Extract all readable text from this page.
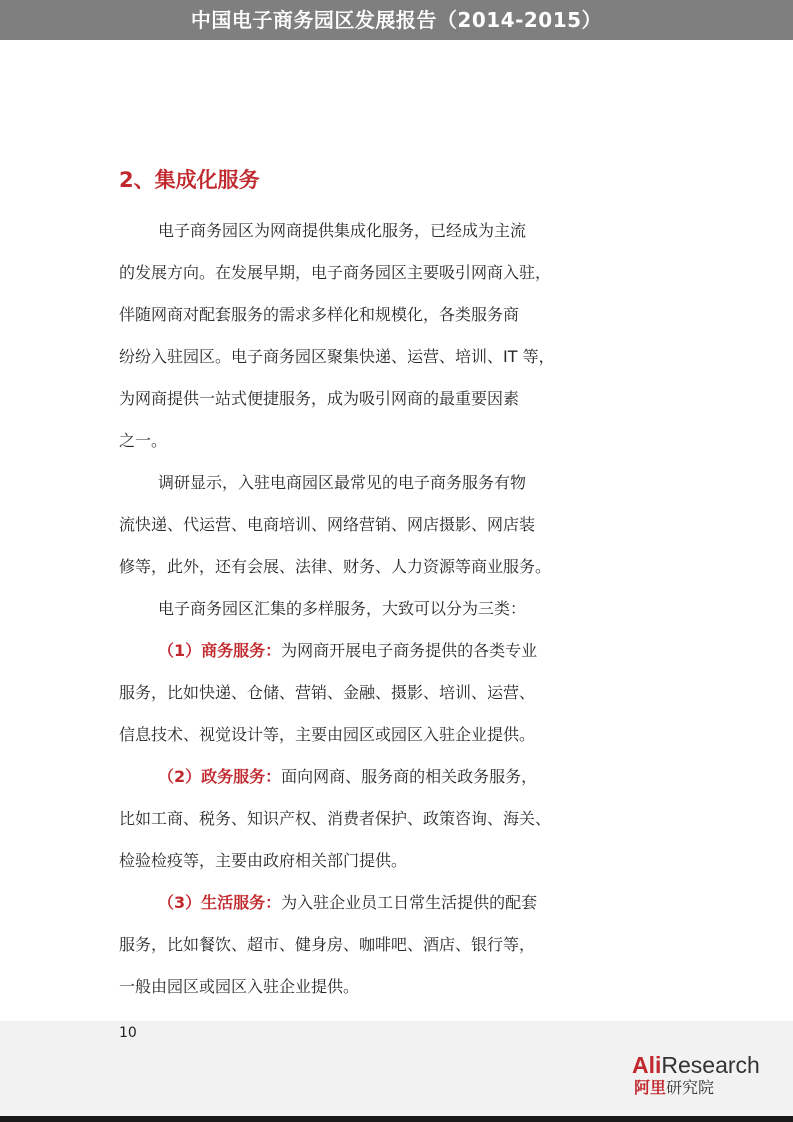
中国电子商务园区发展报告（2014-2015）
2、集成化服务

电子商务园区为网商提供集成化服务，已经成为主流
的发展方向。在发展早期，电子商务园区主要吸引网商入驻，
伴随网商对配套服务的需求多样化和规模化，各类服务商
纷纷入驻园区。电子商务园区聚集快递、运营、培训、IT 等，
为网商提供一站式便捷服务，成为吸引网商的最重要因素
之一。

调研显示，入驻电商园区最常见的电子商务服务有物
流快递、代运营、电商培训、网络营销、网店摄影、网店装
修等，此外，还有会展、法律、财务、人力资源等商业服务。

电子商务园区汇集的多样服务，大致可以分为三类：

（1）商务服务：为网商开展电子商务提供的各类专业
服务，比如快递、仓储、营销、金融、摄影、培训、运营、
信息技术、视觉设计等，主要由园区或园区入驻企业提供。

（2）政务服务：面向网商、服务商的相关政务服务，
比如工商、税务、知识产权、消费者保护、政策咨询、海关、
检验检疫等，主要由政府相关部门提供。

（3）生活服务：为入驻企业员工日常生活提供的配套
服务，比如餐饮、超市、健身房、咖啡吧、酒店、银行等，
一般由园区或园区入驻企业提供。

10
AliResearch
阿里研究院
